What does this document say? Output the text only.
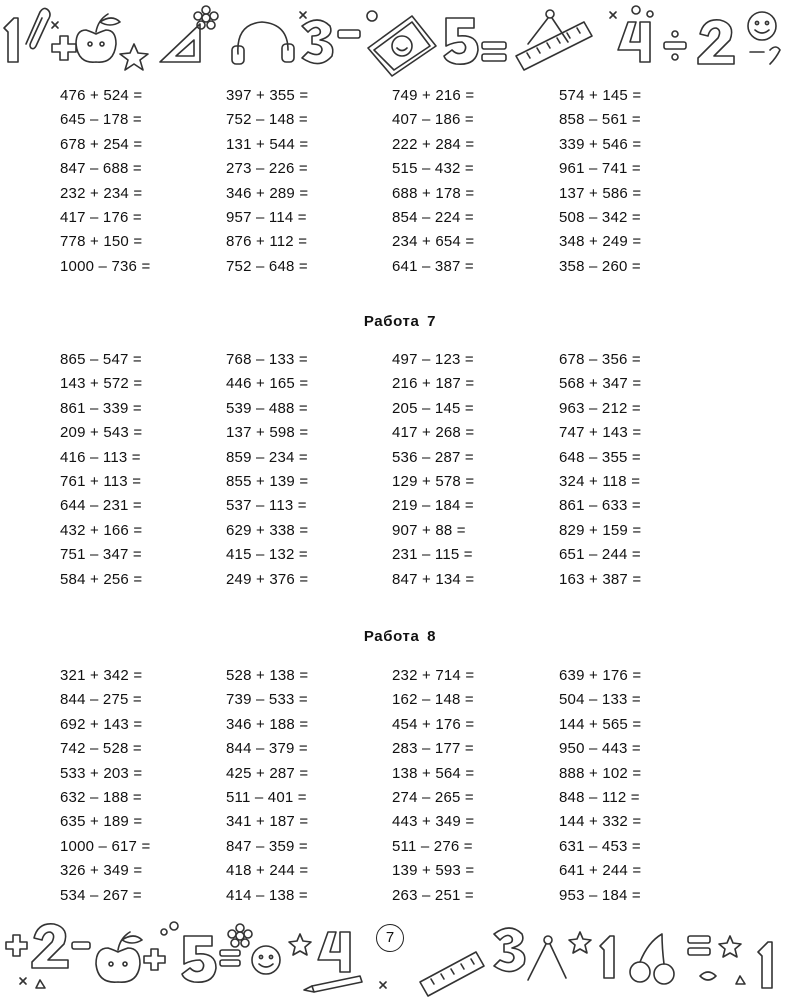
476 + 524 =	397 + 355 =	749 + 216 =	574 + 145 =
645 – 178 =	752 – 148 =	407 – 186 =	858 – 561 =
678 + 254 =	131 + 544 =	222 + 284 =	339 + 546 =
847 – 688 =	273 – 226 =	515 – 432 =	961 – 741 =
232 + 234 =	346 + 289 =	688 + 178 =	137 + 586 =
417 – 176 =	957 – 114 =	854 – 224 =	508 – 342 =
778 + 150 =	876 + 112 =	234 + 654 =	348 + 249 =
1000 – 736 =	752 – 648 =	641 – 387 =	358 – 260 =
Работа 7
865 – 547 =	768 – 133 =	497 – 123 =	678 – 356 =
143 + 572 =	446 + 165 =	216 + 187 =	568 + 347 =
861 – 339 =	539 – 488 =	205 – 145 =	963 – 212 =
209 + 543 =	137 + 598 =	417 + 268 =	747 + 143 =
416 – 113 =	859 – 234 =	536 – 287 =	648 – 355 =
761 + 113 =	855 + 139 =	129 + 578 =	324 + 118 =
644 – 231 =	537 – 113 =	219 – 184 =	861 – 633 =
432 + 166 =	629 + 338 =	907 + 88 =	829 + 159 =
751 – 347 =	415 – 132 =	231 – 115 =	651 – 244 =
584 + 256 =	249 + 376 =	847 + 134 =	163 + 387 =
Работа 8
321 + 342 =	528 + 138 =	232 + 714 =	639 + 176 =
844 – 275 =	739 – 533 =	162 – 148 =	504 – 133 =
692 + 143 =	346 + 188 =	454 + 176 =	144 + 565 =
742 – 528 =	844 – 379 =	283 – 177 =	950 – 443 =
533 + 203 =	425 + 287 =	138 + 564 =	888 + 102 =
632 – 188 =	511 – 401 =	274 – 265 =	848 – 112 =
635 + 189 =	341 + 187 =	443 + 349 =	144 + 332 =
1000 – 617 =	847 – 359 =	511 – 276 =	631 – 453 =
326 + 349 =	418 + 244 =	139 + 593 =	641 + 244 =
534 – 267 =	414 – 138 =	263 – 251 =	953 – 184 =
7
